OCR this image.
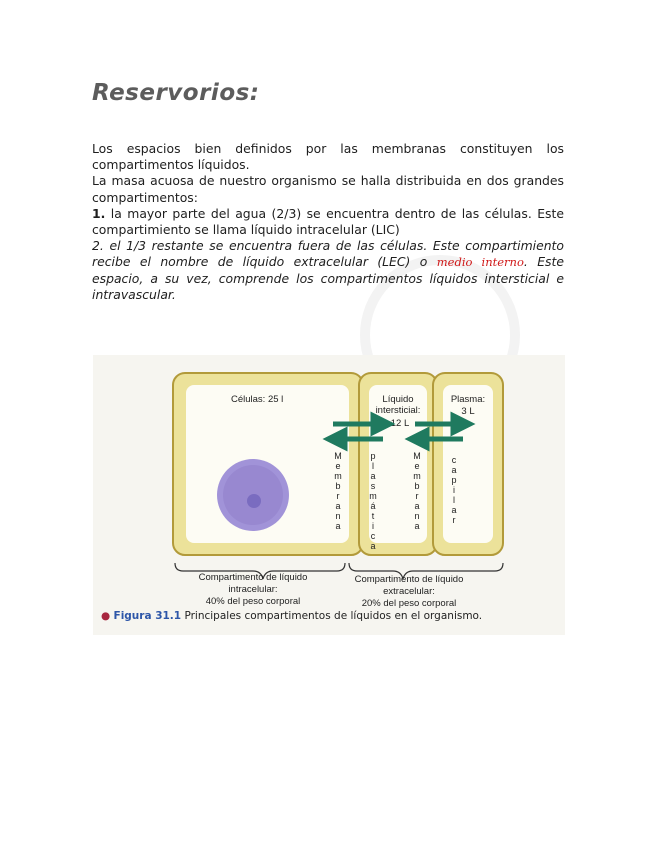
Reservorios:

Los espacios bien definidos por las membranas constituyen los compartimentos líquidos.

La masa acuosa de nuestro organismo se halla distribuida en dos grandes compartimentos:

1. la mayor parte del agua (2/3) se encuentra dentro de las células. Este compartimiento se llama líquido intracelular (LIC)

2. el 1/3 restante se encuentra fuera de las células. Este compartimiento recibe el nombre de líquido extracelular (LEC) o medio interno. Este espacio, a su vez, comprende los compartimentos líquidos intersticial e intravascular.

Células: 25 l	Líquido
intersticial:
12 L
Plasma:
3 L
M
e
m
b
r
a
n
a
p
l
a
s
m
á
t
i
c
a
M
e
m
b
r
a
n
a
c
a
p
i
l
a
r
Compartimento de líquido
intracelular:
40% del peso corporal
Compartimento de líquido
extracelular:
20% del peso corporal
● Figura 31.1 Principales compartimentos de líquidos en el organismo.
